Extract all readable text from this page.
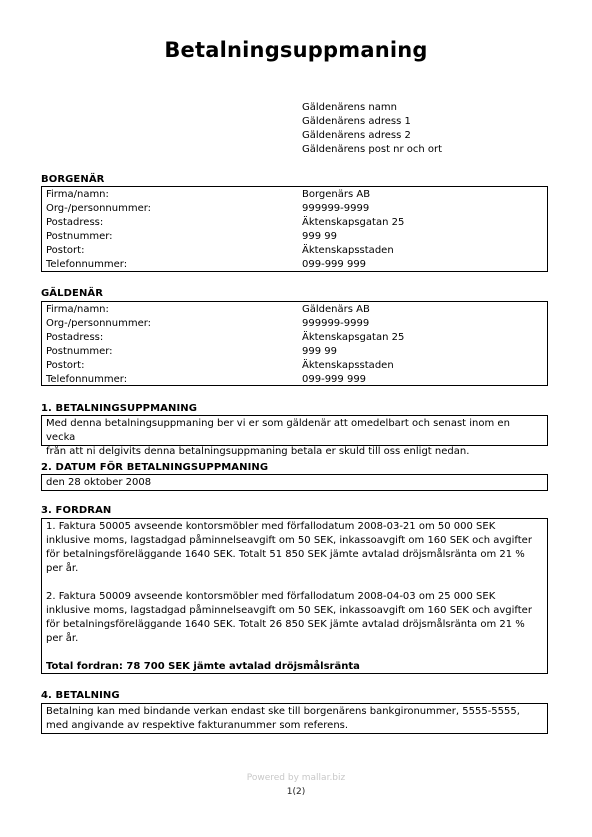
Betalningsuppmaning
Gäldenärens namn
Gäldenärens adress 1
Gäldenärens adress 2
Gäldenärens post nr och ort
BORGENÄR
Firma/namn:	Borgenärs AB
Org-/personnummer:	999999-9999
Postadress:	Äktenskapsgatan 25
Postnummer:	999 99
Postort:	Äktenskapsstaden
Telefonnummer:	099-999 999
GÄLDENÄR
Firma/namn:	Gäldenärs AB
Org-/personnummer:	999999-9999
Postadress:	Äktenskapsgatan 25
Postnummer:	999 99
Postort:	Äktenskapsstaden
Telefonnummer:	099-999 999
1. BETALNINGSUPPMANING

Med denna betalningsuppmaning ber vi er som gäldenär att omedelbart och senast inom en vecka

från att ni delgivits denna betalningsuppmaning betala er skuld till oss enligt nedan.

2. DATUM FÖR BETALNINGSUPPMANING

den 28 oktober 2008

3. FORDRAN

1. Faktura 50005 avseende kontorsmöbler med förfallodatum 2008-03-21 om 50 000 SEK

inklusive moms, lagstadgad påminnelseavgift om 50 SEK, inkassoavgift om 160 SEK och avgifter

för betalningsföreläggande 1640 SEK. Totalt 51 850 SEK jämte avtalad dröjsmålsränta om 21 %

per år.

2. Faktura 50009 avseende kontorsmöbler med förfallodatum 2008-04-03 om 25 000 SEK

inklusive moms, lagstadgad påminnelseavgift om 50 SEK, inkassoavgift om 160 SEK och avgifter

för betalningsföreläggande 1640 SEK. Totalt 26 850 SEK jämte avtalad dröjsmålsränta om 21 %

per år.

Total fordran: 78 700 SEK jämte avtalad dröjsmålsränta

4. BETALNING

Betalning kan med bindande verkan endast ske till borgenärens bankgironummer, 5555-5555,

med angivande av respektive fakturanummer som referens.

Powered by mallar.biz
1(2)
